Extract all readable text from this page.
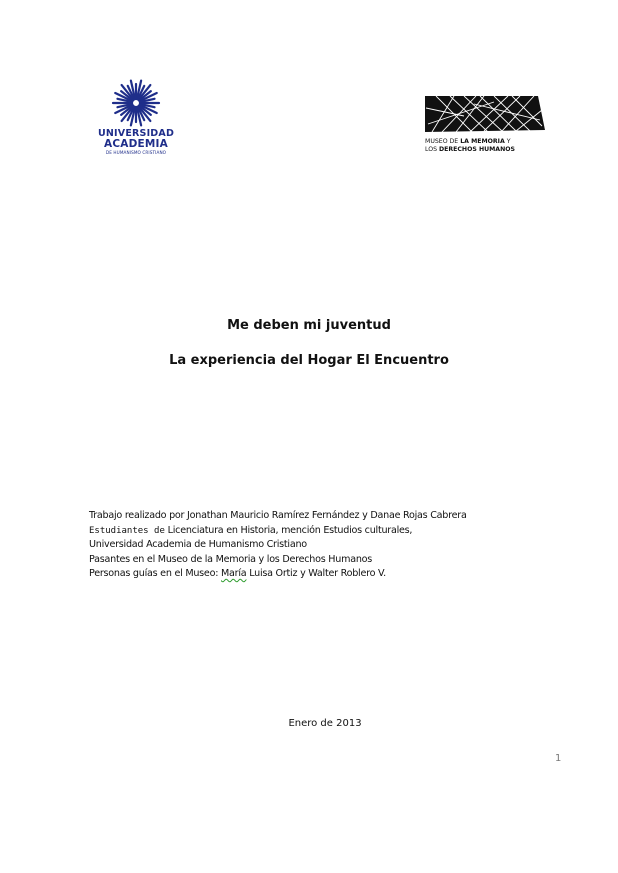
UNIVERSIDAD
ACADEMIA
DE HUMANISMO CRISTIANO
MUSEO DE LA MEMORIA Y
LOS DERECHOS HUMANOS
Me deben mi juventud
La experiencia del Hogar El Encuentro
Trabajo realizado por Jonathan Mauricio Ramírez Fernández y Danae Rojas Cabrera
Estudiantes de Licenciatura en Historia, mención Estudios culturales,
Universidad Academia de Humanismo Cristiano
Pasantes en el Museo de la Memoria y los Derechos Humanos
Personas guías en el Museo: María Luisa Ortiz y Walter Roblero V.
Enero de 2013
1
